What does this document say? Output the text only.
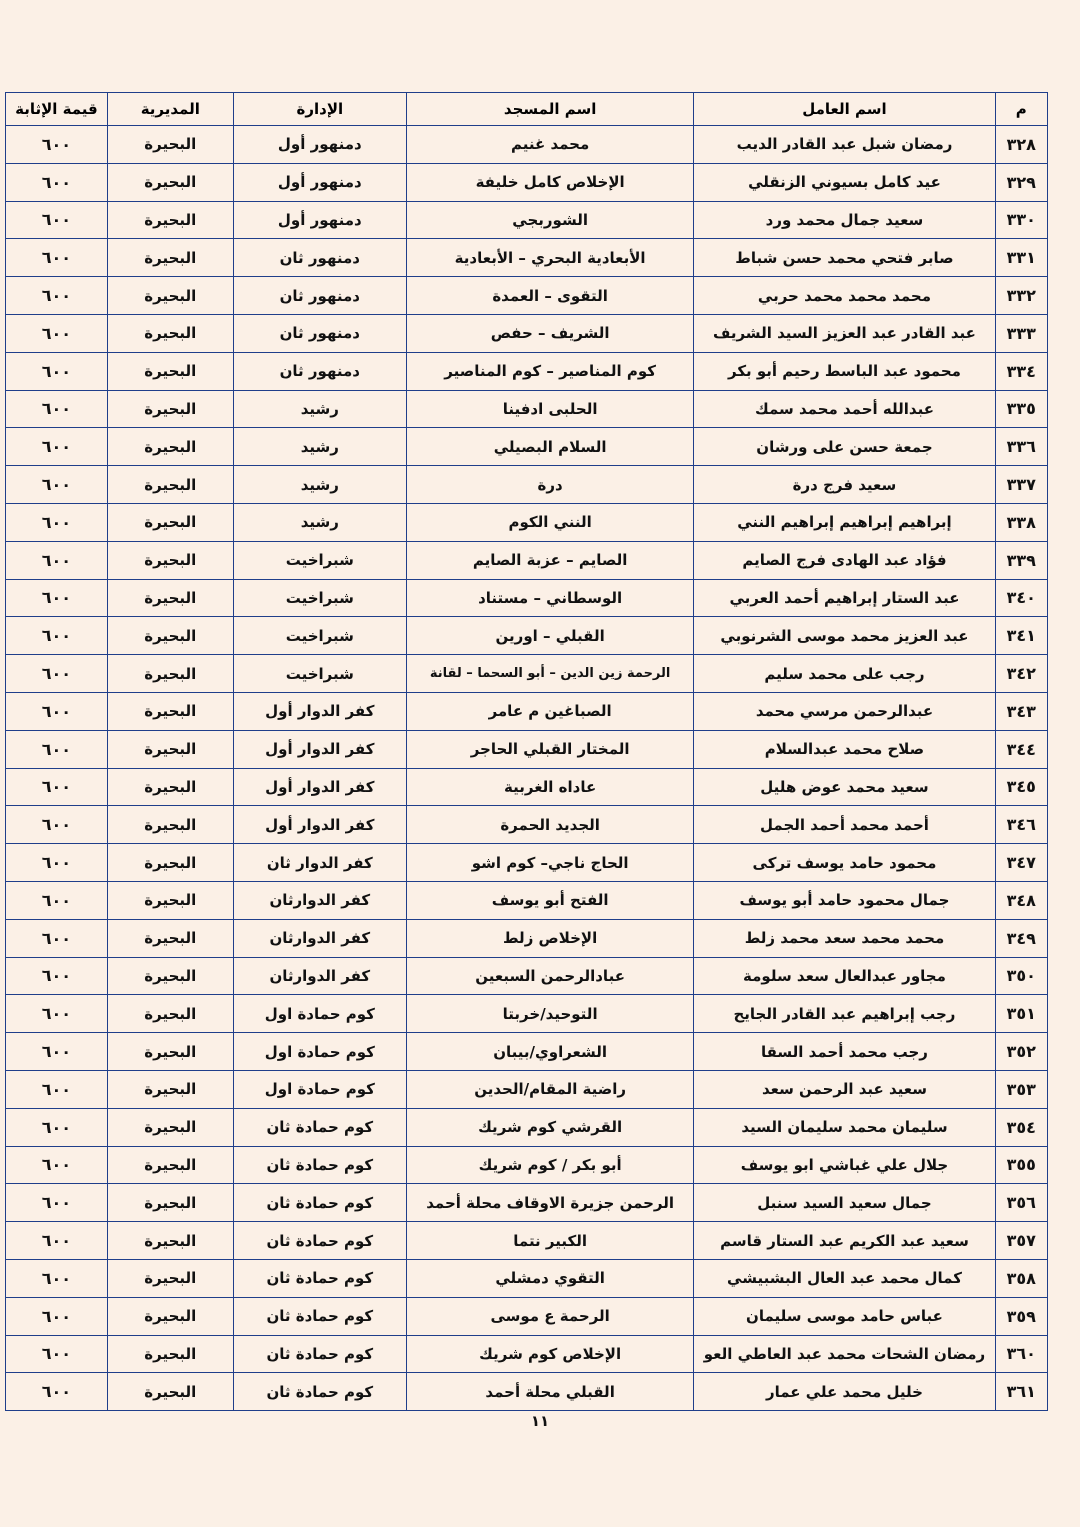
م	اسم العامل	اسم المسجد	الإدارة	المديرية	قيمة الإثابة
٣٢٨	رمضان شبل عبد القادر الديب	محمد غنيم	دمنهور أول	البحيرة	٦٠٠
٣٢٩	عيد كامل بسيوني الزنقلي	الإخلاص كامل خليفة	دمنهور أول	البحيرة	٦٠٠
٣٣٠	سعيد جمال محمد ورد	الشوربجي	دمنهور أول	البحيرة	٦٠٠
٣٣١	صابر فتحي محمد حسن شباط	الأبعادية البحري – الأبعادية	دمنهور ثان	البحيرة	٦٠٠
٣٣٢	محمد محمد محمد حربي	التقوى – العمدة	دمنهور ثان	البحيرة	٦٠٠
٣٣٣	عبد القادر عبد العزيز السيد الشريف	الشريف – حفص	دمنهور ثان	البحيرة	٦٠٠
٣٣٤	محمود عبد الباسط رحيم أبو بكر	كوم المناصير – كوم المناصير	دمنهور ثان	البحيرة	٦٠٠
٣٣٥	عبدالله أحمد محمد سمك	الحلبى ادفينا	رشيد	البحيرة	٦٠٠
٣٣٦	جمعة حسن على ورشان	السلام البصيلي	رشيد	البحيرة	٦٠٠
٣٣٧	سعيد فرج درة	درة	رشيد	البحيرة	٦٠٠
٣٣٨	إبراهيم إبراهيم إبراهيم النني	النني الكوم	رشيد	البحيرة	٦٠٠
٣٣٩	فؤاد عبد الهادى فرج الصايم	الصايم – عزبة الصايم	شبراخيت	البحيرة	٦٠٠
٣٤٠	عبد الستار إبراهيم أحمد العربي	الوسطاني – مستناد	شبراخيت	البحيرة	٦٠٠
٣٤١	عبد العزيز محمد موسى الشرنوبي	القبلي – اورين	شبراخيت	البحيرة	٦٠٠
٣٤٢	رجب على محمد سليم	الرحمة زين الدين – أبو السحما – لقانة	شبراخيت	البحيرة	٦٠٠
٣٤٣	عبدالرحمن مرسي محمد	الصباغين م عامر	كفر الدوار أول	البحيرة	٦٠٠
٣٤٤	صلاح محمد عبدالسلام	المختار القبلي الحاجر	كفر الدوار أول	البحيرة	٦٠٠
٣٤٥	سعيد محمد عوض هليل	عاداه الغربية	كفر الدوار أول	البحيرة	٦٠٠
٣٤٦	أحمد محمد أحمد الجمل	الجديد الحمرة	كفر الدوار أول	البحيرة	٦٠٠
٣٤٧	محمود حامد يوسف تركى	الحاج ناجي– كوم اشو	كفر الدوار ثان	البحيرة	٦٠٠
٣٤٨	جمال محمود حامد أبو يوسف	الفتح أبو يوسف	كفر الدوارثان	البحيرة	٦٠٠
٣٤٩	محمد محمد سعد محمد زلط	الإخلاص زلط	كفر الدوارثان	البحيرة	٦٠٠
٣٥٠	مجاور عبدالعال سعد سلومة	عبادالرحمن السبعين	كفر الدوارثان	البحيرة	٦٠٠
٣٥١	رجب إبراهيم عبد القادر الجايح	التوحيد/خربتا	كوم حمادة اول	البحيرة	٦٠٠
٣٥٢	رجب محمد أحمد السقا	الشعراوي/بيبان	كوم حمادة اول	البحيرة	٦٠٠
٣٥٣	سعيد عبد الرحمن سعد	راضية المقام/الحدين	كوم حمادة اول	البحيرة	٦٠٠
٣٥٤	سليمان محمد سليمان السيد	القرشي كوم شريك	كوم حمادة ثان	البحيرة	٦٠٠
٣٥٥	جلال علي غباشي ابو يوسف	أبو بكر / كوم شريك	كوم حمادة ثان	البحيرة	٦٠٠
٣٥٦	جمال سعيد السيد سنبل	الرحمن جزيرة الاوقاف محلة أحمد	كوم حمادة ثان	البحيرة	٦٠٠
٣٥٧	سعيد عبد الكريم عبد الستار قاسم	الكبير نتما	كوم حمادة ثان	البحيرة	٦٠٠
٣٥٨	كمال محمد عبد العال البشبيشي	التقوي دمشلي	كوم حمادة ثان	البحيرة	٦٠٠
٣٥٩	عباس حامد موسى سليمان	الرحمة ع موسى	كوم حمادة ثان	البحيرة	٦٠٠
٣٦٠	رمضان الشحات محمد عبد العاطي العو	الإخلاص كوم شريك	كوم حمادة ثان	البحيرة	٦٠٠
٣٦١	خليل محمد علي عمار	القبلي محلة أحمد	كوم حمادة ثان	البحيرة	٦٠٠
١١
